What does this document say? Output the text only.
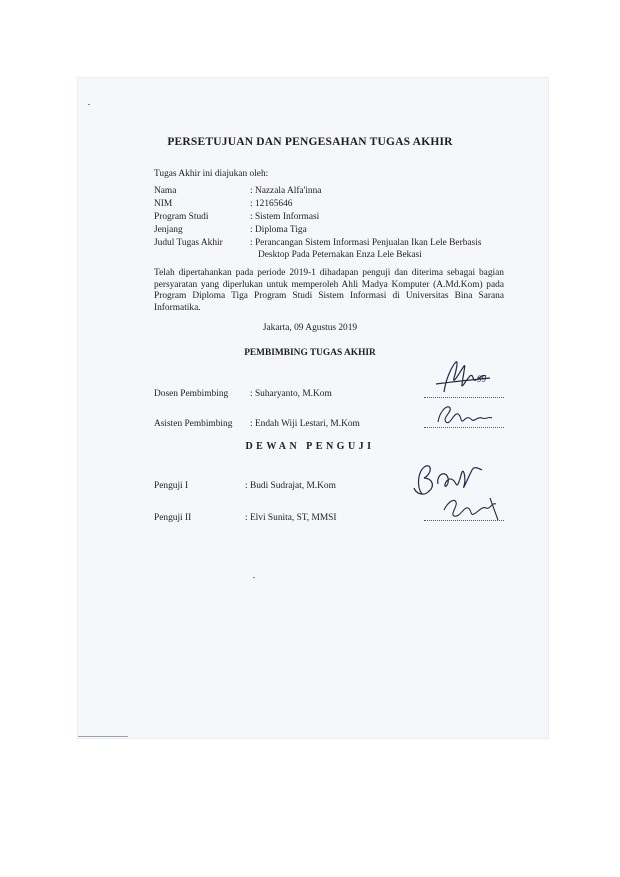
PERSETUJUAN DAN PENGESAHAN TUGAS AKHIR
Tugas Akhir ini diajukan oleh:
Nama	: Nazzala Alfa'inna
NIM	: 12165646
Program Studi	: Sistem Informasi
Jenjang	: Diploma Tiga
Judul Tugas Akhir	: Perancangan Sistem Informasi Penjualan Ikan Lele Berbasis
Desktop Pada Peternakan Enza Lele Bekasi
Telah dipertahankan pada periode 2019-1 dihadapan penguji dan diterima sebagai bagian persyaratan yang diperlukan untuk memperoleh Ahli Madya Komputer (A.Md.Kom) pada Program Diploma Tiga Program Studi Sistem Informasi di Universitas Bina Sarana Informatika.
Jakarta, 09 Agustus 2019
PEMBIMBING TUGAS AKHIR
Dosen Pembimbing : Suharyanto, M.Kom
Asisten Pembimbing : Endah Wiji Lestari, M.Kom
DEWAN PENGUJI
Penguji I	: Budi Sudrajat, M.Kom
Penguji II	: Elvi Sunita, ST, MMSI
99
